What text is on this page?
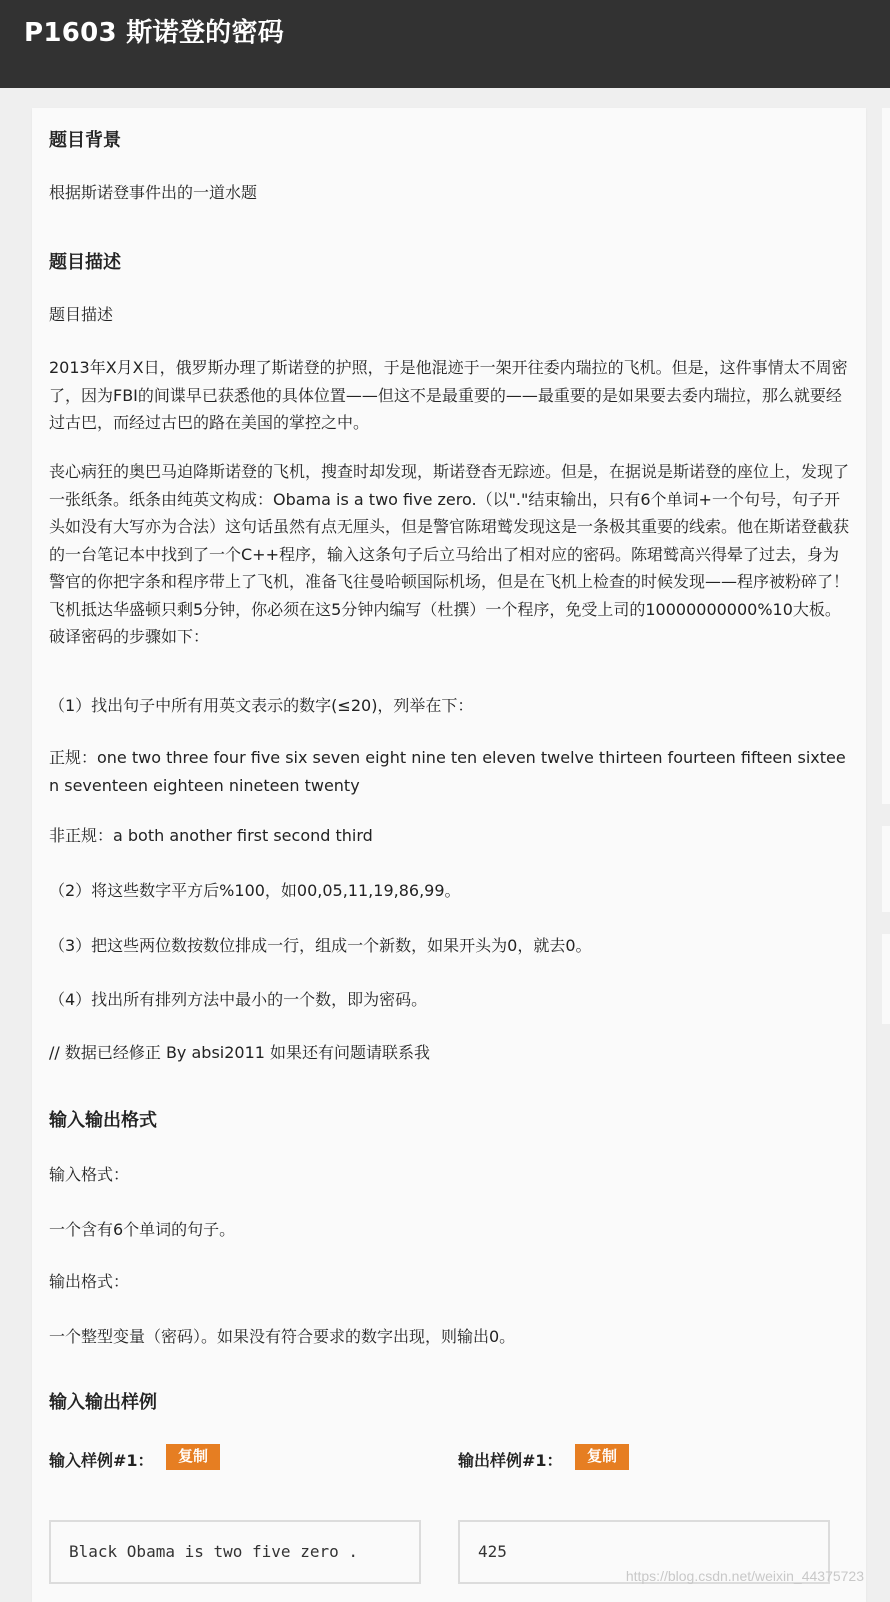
P1603 斯诺登的密码
题目背景
根据斯诺登事件出的一道水题
题目描述
题目描述
2013年X月X日，俄罗斯办理了斯诺登的护照，于是他混迹于一架开往委内瑞拉的飞机。但是，这件事情太不周密了，因为FBI的间谍早已获悉他的具体位置——但这不是最重要的——最重要的是如果要去委内瑞拉，那么就要经过古巴，而经过古巴的路在美国的掌控之中。
丧心病狂的奥巴马迫降斯诺登的飞机，搜查时却发现，斯诺登杳无踪迹。但是，在据说是斯诺登的座位上，发现了一张纸条。纸条由纯英文构成：Obama is a two five zero.（以"."结束输出，只有6个单词+一个句号，句子开头如没有大写亦为合法）这句话虽然有点无厘头，但是警官陈珺鹫发现这是一条极其重要的线索。他在斯诺登截获的一台笔记本中找到了一个C++程序，输入这条句子后立马给出了相对应的密码。陈珺鹫高兴得晕了过去，身为警官的你把字条和程序带上了飞机，准备飞往曼哈顿国际机场，但是在飞机上检查的时候发现——程序被粉碎了！飞机抵达华盛顿只剩5分钟，你必须在这5分钟内编写（杜撰）一个程序，免受上司的10000000000%10大板。破译密码的步骤如下：
（1）找出句子中所有用英文表示的数字(≤20)，列举在下：
正规：one two three four five six seven eight nine ten eleven twelve thirteen fourteen fifteen sixteen seventeen eighteen nineteen twenty
非正规：a both another first second third
（2）将这些数字平方后%100，如00,05,11,19,86,99。
（3）把这些两位数按数位排成一行，组成一个新数，如果开头为0，就去0。
（4）找出所有排列方法中最小的一个数，即为密码。
// 数据已经修正 By absi2011 如果还有问题请联系我
输入输出格式
输入格式：
一个含有6个单词的句子。
输出格式：
一个整型变量（密码）。如果没有符合要求的数字出现，则输出0。
输入输出样例
输入样例#1：	复制	输出样例#1：	复制
Black Obama is two five zero .	425
https://blog.csdn.net/weixin_44375723
